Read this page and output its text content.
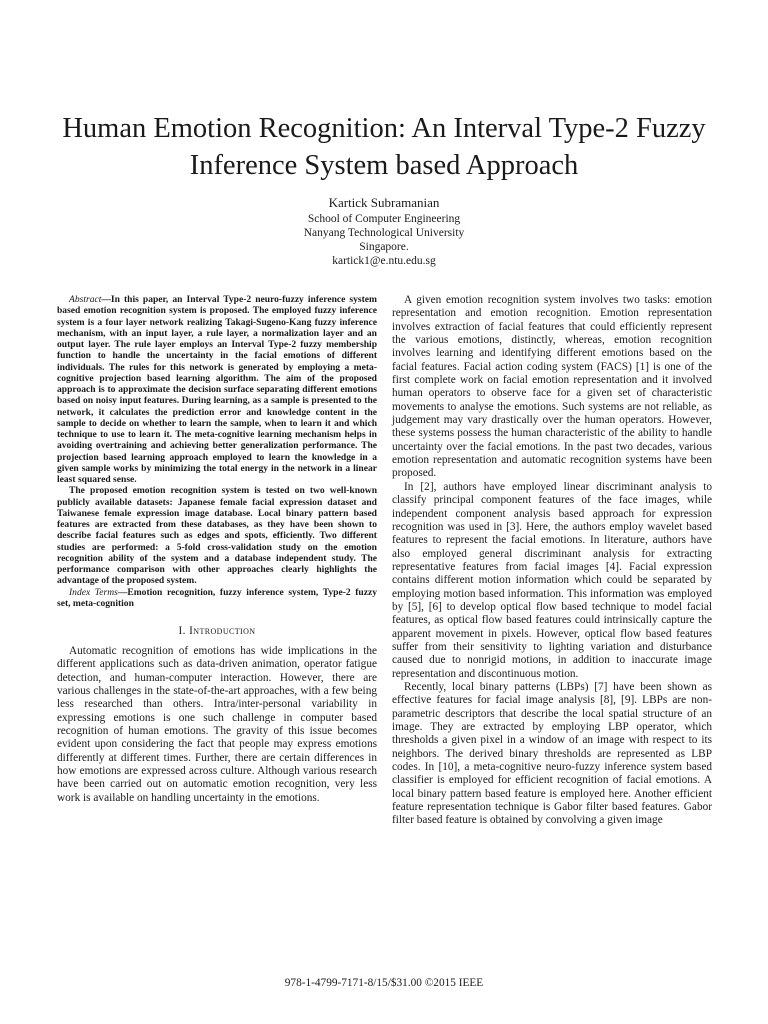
Human Emotion Recognition: An Interval Type-2 Fuzzy Inference System based Approach
Kartick Subramanian
School of Computer Engineering
Nanyang Technological University
Singapore.
kartick1@e.ntu.edu.sg

Abstract—In this paper, an Interval Type-2 neuro-fuzzy inference system based emotion recognition system is proposed. The employed fuzzy inference system is a four layer network realizing Takagi-Sugeno-Kang fuzzy inference mechanism, with an input layer, a rule layer, a normalization layer and an output layer. The rule layer employs an Interval Type-2 fuzzy membership function to handle the uncertainty in the facial emotions of different individuals. The rules for this network is generated by employing a meta-cognitive projection based learning algorithm. The aim of the proposed approach is to approximate the decision surface separating different emotions based on noisy input features. During learning, as a sample is presented to the network, it calculates the prediction error and knowledge content in the sample to decide on whether to learn the sample, when to learn it and which technique to use to learn it. The meta-cognitive learning mechanism helps in avoiding overtraining and achieving better generalization performance. The projection based learning approach employed to learn the knowledge in a given sample works by minimizing the total energy in the network in a linear least squared sense.

The proposed emotion recognition system is tested on two well-known publicly available datasets: Japanese female facial expression dataset and Taiwanese female expression image database. Local binary pattern based features are extracted from these databases, as they have been shown to describe facial features such as edges and spots, efficiently. Two different studies are performed: a 5-fold cross-validation study on the emotion recognition ability of the system and a database independent study. The performance comparison with other approaches clearly highlights the advantage of the proposed system.

Index Terms—Emotion recognition, fuzzy inference system, Type-2 fuzzy set, meta-cognition

I. Introduction

Automatic recognition of emotions has wide implications in the different applications such as data-driven animation, operator fatigue detection, and human-computer interaction. However, there are various challenges in the state-of-the-art approaches, with a few being less researched than others. Intra/inter-personal variability in expressing emotions is one such challenge in computer based recognition of human emotions. The gravity of this issue becomes evident upon considering the fact that people may express emotions differently at different times. Further, there are certain differences in how emotions are expressed across culture. Although various research have been carried out on automatic emotion recognition, very less work is available on handling uncertainty in the emotions.

A given emotion recognition system involves two tasks: emotion representation and emotion recognition. Emotion representation involves extraction of facial features that could efficiently represent the various emotions, distinctly, whereas, emotion recognition involves learning and identifying different emotions based on the facial features. Facial action coding system (FACS) [1] is one of the first complete work on facial emotion representation and it involved human operators to observe face for a given set of characteristic movements to analyse the emotions. Such systems are not reliable, as judgement may vary drastically over the human operators. However, these systems possess the human characteristic of the ability to handle uncertainty over the facial emotions. In the past two decades, various emotion representation and automatic recognition systems have been proposed.

In [2], authors have employed linear discriminant analysis to classify principal component features of the face images, while independent component analysis based approach for expression recognition was used in [3]. Here, the authors employ wavelet based features to represent the facial emotions. In literature, authors have also employed general discriminant analysis for extracting representative features from facial images [4]. Facial expression contains different motion information which could be separated by employing motion based information. This information was employed by [5], [6] to develop optical flow based technique to model facial features, as optical flow based features could intrinsically capture the apparent movement in pixels. However, optical flow based features suffer from their sensitivity to lighting variation and disturbance caused due to nonrigid motions, in addition to inaccurate image representation and discontinuous motion.

Recently, local binary patterns (LBPs) [7] have been shown as effective features for facial image analysis [8], [9]. LBPs are non-parametric descriptors that describe the local spatial structure of an image. They are extracted by employing LBP operator, which thresholds a given pixel in a window of an image with respect to its neighbors. The derived binary thresholds are represented as LBP codes. In [10], a meta-cognitive neuro-fuzzy inference system based classifier is employed for efficient recognition of facial emotions. A local binary pattern based feature is employed here. Another efficient feature representation technique is Gabor filter based features. Gabor filter based feature is obtained by convolving a given image

978-1-4799-7171-8/15/$31.00 ©2015 IEEE
